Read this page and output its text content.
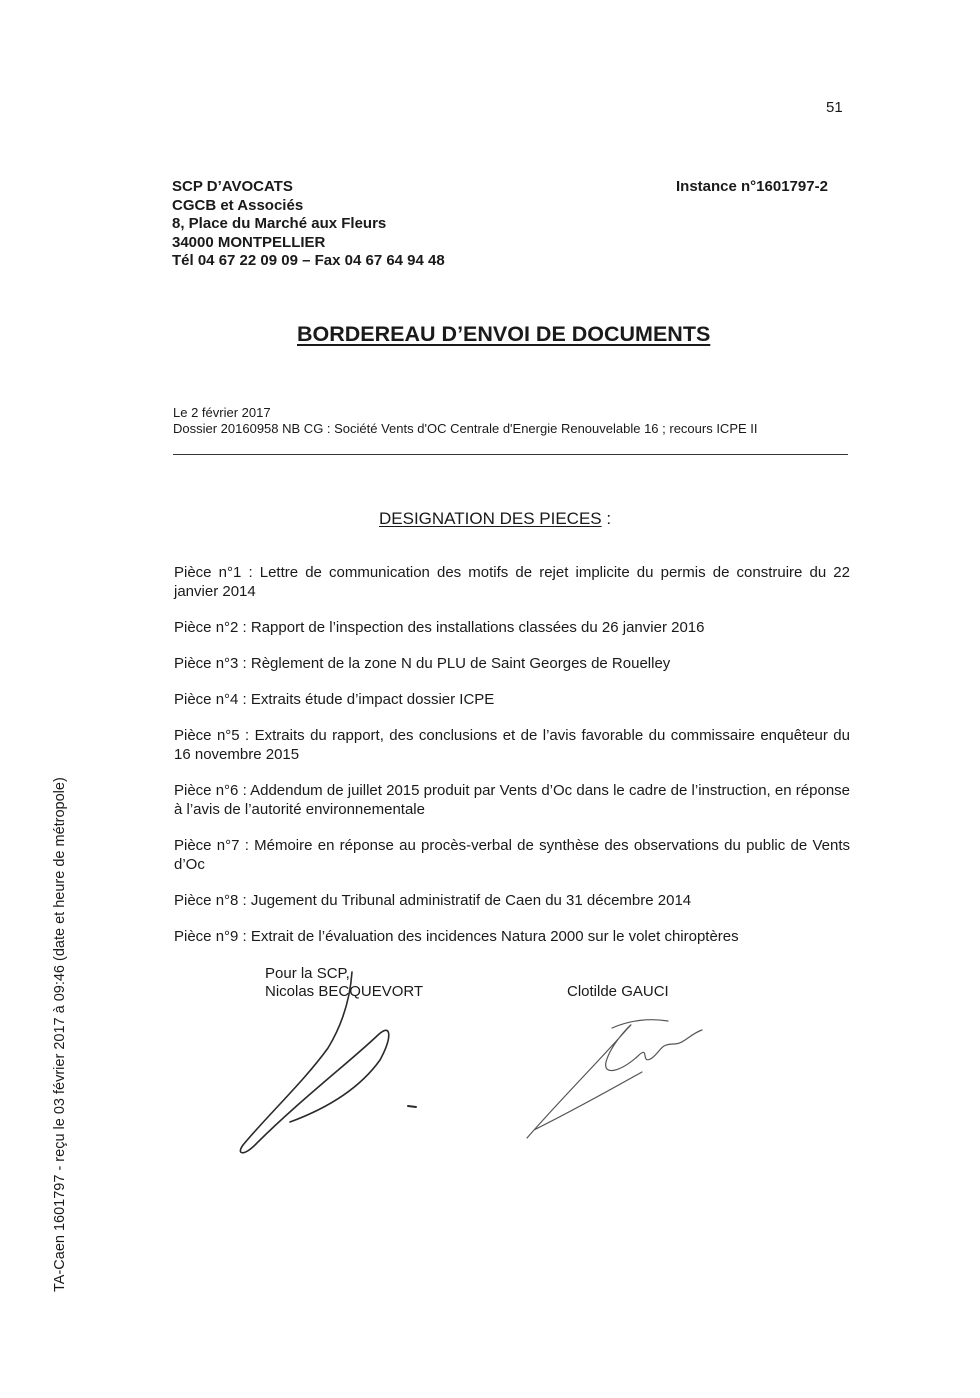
51
SCP D’AVOCATS
CGCB et Associés
8, Place du Marché aux Fleurs
34000 MONTPELLIER
Tél 04 67 22 09 09 – Fax 04 67 64 94 48
Instance n°1601797-2
BORDEREAU D’ENVOI DE DOCUMENTS
Le 2 février 2017
Dossier 20160958 NB CG : Société Vents d'OC Centrale d'Energie Renouvelable 16 ; recours ICPE II
DESIGNATION DES PIECES :
Pièce n°1 : Lettre de communication des motifs de rejet implicite du permis de construire du 22 janvier 2014
Pièce n°2 : Rapport de l’inspection des installations classées du 26 janvier 2016
Pièce n°3 : Règlement de la zone N du PLU de Saint Georges de Rouelley
Pièce n°4 : Extraits étude d’impact dossier ICPE
Pièce n°5 : Extraits du rapport, des conclusions et de l’avis favorable du commissaire enquêteur du 16 novembre 2015
Pièce n°6 : Addendum de juillet 2015 produit par Vents d’Oc dans le cadre de l’instruction, en réponse à l’avis de l’autorité environnementale
Pièce n°7 : Mémoire en réponse au procès-verbal de synthèse des observations du public de Vents d’Oc
Pièce n°8 : Jugement du Tribunal administratif de Caen du 31 décembre 2014
Pièce n°9 : Extrait de l’évaluation des incidences Natura 2000 sur le volet chiroptères
Pour la SCP,
Nicolas BECQUEVORT	Clotilde GAUCI
TA-Caen 1601797 - reçu le 03 février 2017 à 09:46 (date et heure de métropole)
